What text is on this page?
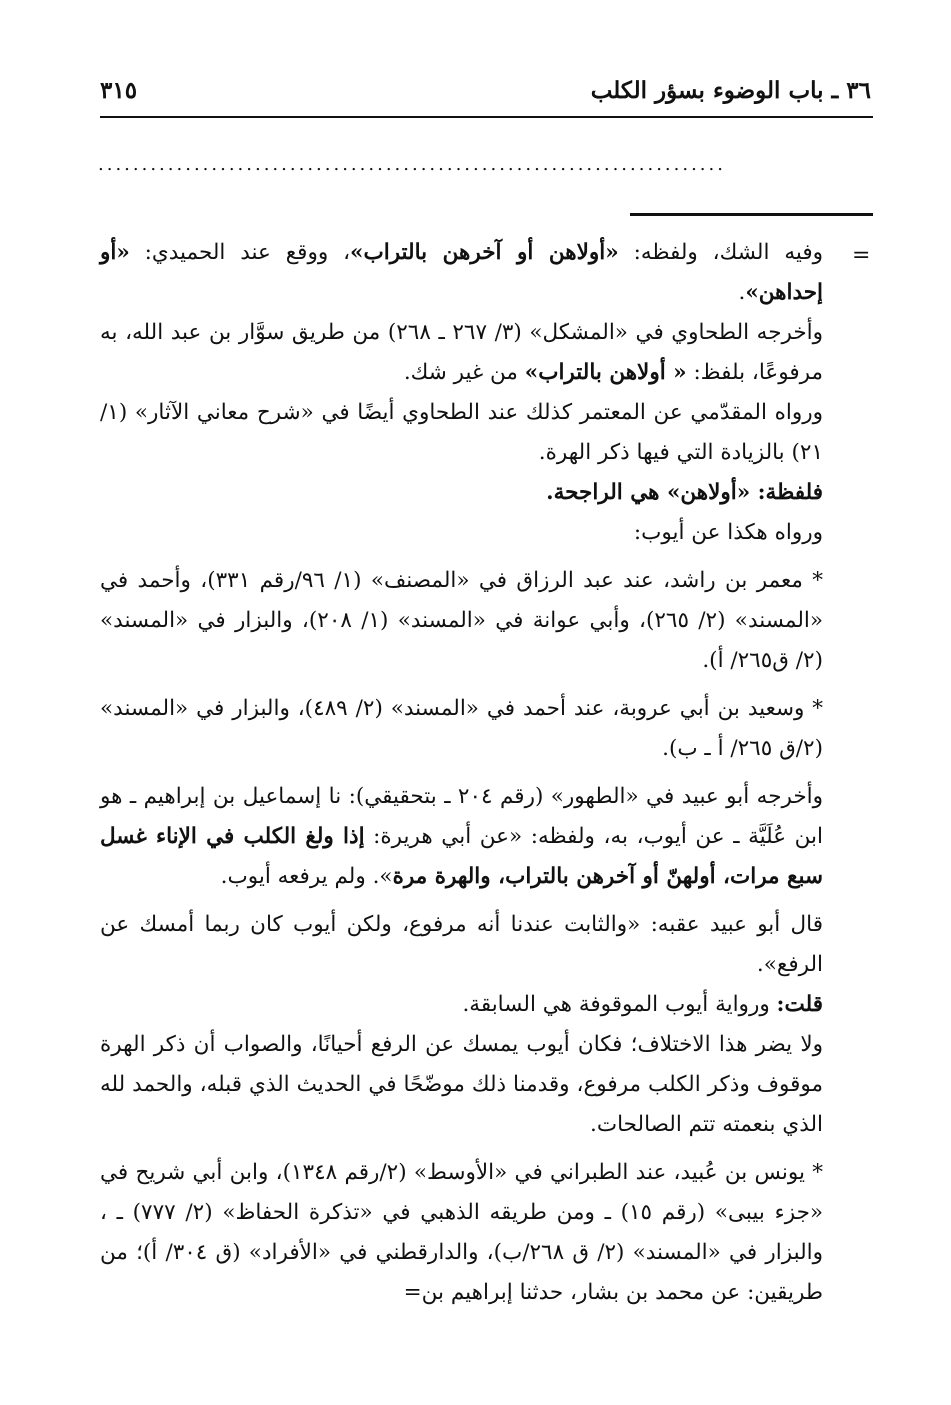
٣٦ ـ باب الوضوء بسؤر الكلب
٣١٥
........................................................................
=

وفيه الشك، ولفظه: «أولاهن أو آخرهن بالتراب»، ووقع عند الحميدي: «أو إحداهن».

وأخرجه الطحاوي في «المشكل» (٣/ ٢٦٧ ـ ٢٦٨) من طريق سوَّار بن عبد الله، به مرفوعًا، بلفظ: « أولاهن بالتراب» من غير شك.

ورواه المقدّمي عن المعتمر كذلك عند الطحاوي أيضًا في «شرح معاني الآثار» (١/ ٢١) بالزيادة التي فيها ذكر الهرة.

فلفظة: «أولاهن» هي الراجحة.

ورواه هكذا عن أيوب:

* معمر بن راشد، عند عبد الرزاق في «المصنف» (١/ ٩٦/رقم ٣٣١)، وأحمد في «المسند» (٢/ ٢٦٥)، وأبي عوانة في «المسند» (١/ ٢٠٨)، والبزار في «المسند» (٢/ ق٢٦٥/ أ).

* وسعيد بن أبي عروبة، عند أحمد في «المسند» (٢/ ٤٨٩)، والبزار في «المسند» (٢/ق ٢٦٥/ أ ـ ب).

وأخرجه أبو عبيد في «الطهور» (رقم ٢٠٤ ـ بتحقيقي): نا إسماعيل بن إبراهيم ـ هو ابن عُلَيَّة ـ عن أيوب، به، ولفظه: «عن أبي هريرة: إذا ولغ الكلب في الإناء غسل سبع مرات، أولهنّ أو آخرهن بالتراب، والهرة مرة». ولم يرفعه أيوب.

قال أبو عبيد عقبه: «والثابت عندنا أنه مرفوع، ولكن أيوب كان ربما أمسك عن الرفع».

قلت: ورواية أيوب الموقوفة هي السابقة.

ولا يضر هذا الاختلاف؛ فكان أيوب يمسك عن الرفع أحيانًا، والصواب أن ذكر الهرة موقوف وذكر الكلب مرفوع، وقدمنا ذلك موضّحًا في الحديث الذي قبله، والحمد لله الذي بنعمته تتم الصالحات.

* يونس بن عُبيد، عند الطبراني في «الأوسط» (٢/رقم ١٣٤٨)، وابن أبي شريح في «جزء بيبى» (رقم ١٥) ـ ومن طريقه الذهبي في «تذكرة الحفاظ» (٢/ ٧٧٧) ـ ، والبزار في «المسند» (٢/ ق ٢٦٨/ب)، والدارقطني في «الأفراد» (ق ٣٠٤/ أ)؛ من طريقين: عن محمد بن بشار، حدثنا إبراهيم بن=
